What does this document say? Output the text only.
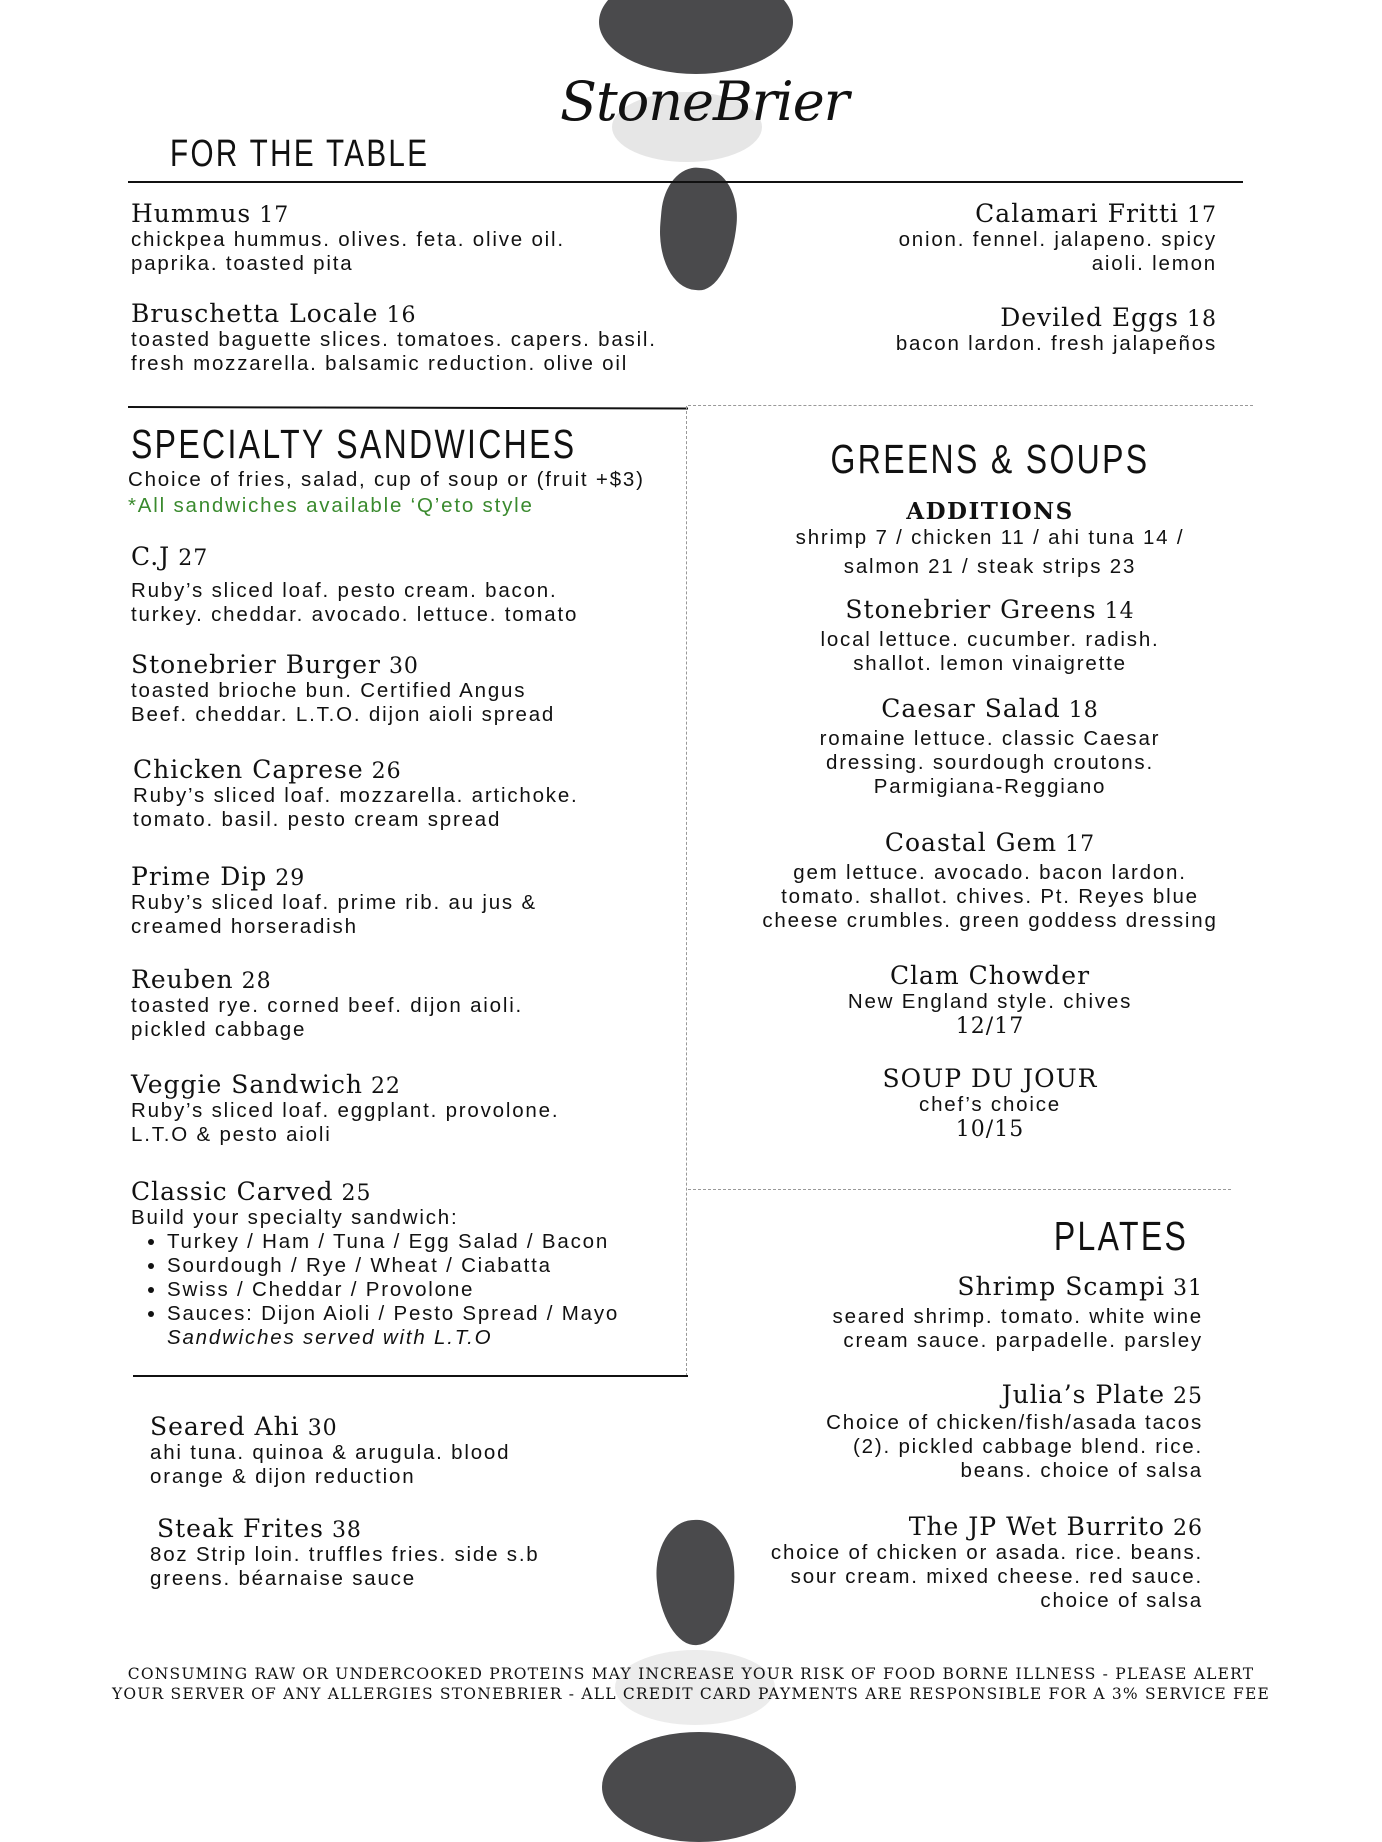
StoneBrier
FOR THE TABLE
Hummus 17
chickpea hummus. olives. feta. olive oil.
paprika. toasted pita
Bruschetta Locale 16
toasted baguette slices. tomatoes. capers. basil.
fresh mozzarella. balsamic reduction. olive oil
Calamari Fritti 17
onion. fennel. jalapeno. spicy
aioli. lemon
Deviled Eggs 18
bacon lardon. fresh jalapeños
SPECIALTY SANDWICHES
Choice of fries, salad, cup of soup or (fruit +$3)
*All sandwiches available ‘Q’eto style
C.J 27
Ruby’s sliced loaf. pesto cream. bacon.
turkey. cheddar. avocado. lettuce. tomato
Stonebrier Burger 30
toasted brioche bun. Certified Angus
Beef. cheddar. L.T.O. dijon aioli spread
Chicken Caprese 26
Ruby’s sliced loaf. mozzarella. artichoke.
tomato. basil. pesto cream spread
Prime Dip 29
Ruby’s sliced loaf. prime rib. au jus &
creamed horseradish
Reuben 28
toasted rye. corned beef. dijon aioli.
pickled cabbage
Veggie Sandwich 22
Ruby’s sliced loaf. eggplant. provolone.
L.T.O & pesto aioli
Classic Carved 25
Build your specialty sandwich:
• Turkey / Ham / Tuna / Egg Salad / Bacon
• Sourdough / Rye / Wheat / Ciabatta
• Swiss / Cheddar / Provolone
• Sauces: Dijon Aioli / Pesto Spread / Mayo
Sandwiches served with L.T.O
Seared Ahi 30
ahi tuna. quinoa & arugula. blood
orange & dijon reduction
Steak Frites 38
8oz Strip loin. truffles fries. side s.b
greens. béarnaise sauce
GREENS & SOUPS
ADDITIONS
shrimp 7 / chicken 11 / ahi tuna 14 /
salmon 21 / steak strips 23
Stonebrier Greens 14
local lettuce. cucumber. radish.
shallot. lemon vinaigrette
Caesar Salad 18
romaine lettuce. classic Caesar
dressing. sourdough croutons.
Parmigiana-Reggiano
Coastal Gem 17
gem lettuce. avocado. bacon lardon.
tomato. shallot. chives. Pt. Reyes blue
cheese crumbles. green goddess dressing
Clam Chowder
New England style. chives
12/17
SOUP DU JOUR
chef’s choice
10/15
PLATES
Shrimp Scampi 31
seared shrimp. tomato. white wine
cream sauce. parpadelle. parsley
Julia’s Plate 25
Choice of chicken/fish/asada tacos
(2). pickled cabbage blend. rice.
beans. choice of salsa
The JP Wet Burrito 26
choice of chicken or asada. rice. beans.
sour cream. mixed cheese. red sauce.
choice of salsa
CONSUMING RAW OR UNDERCOOKED PROTEINS MAY INCREASE YOUR RISK OF FOOD BORNE ILLNESS - PLEASE ALERT
YOUR SERVER OF ANY ALLERGIES STONEBRIER - ALL CREDIT CARD PAYMENTS ARE RESPONSIBLE FOR A 3% SERVICE FEE
